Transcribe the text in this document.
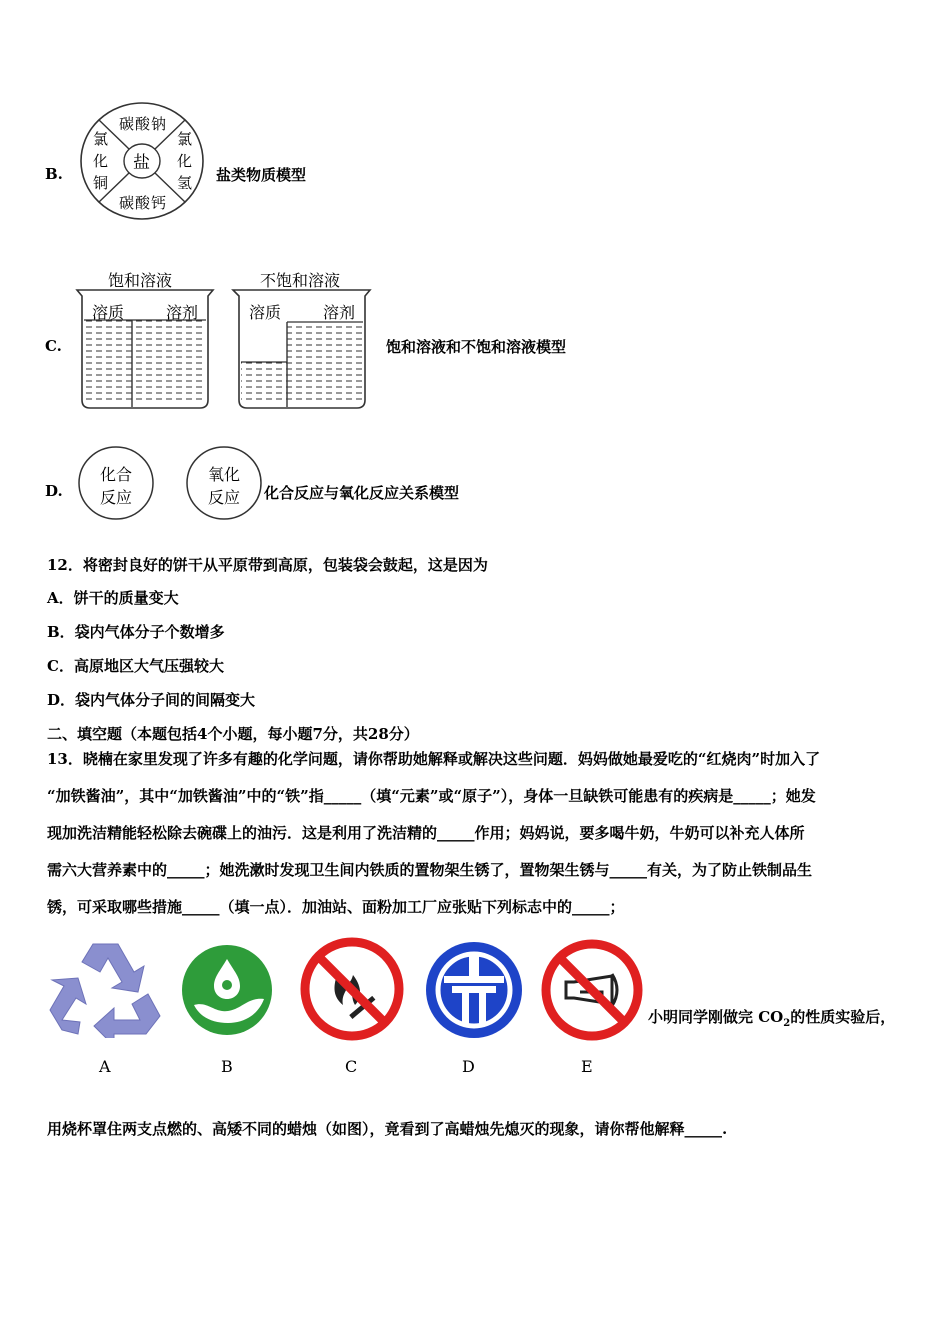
B.
盐
碳酸钠
碳酸钙
氯化铜
氯化氢 盐类物质模型
C.
饱和溶液	不饱和溶液
溶质	溶剂	溶质	溶剂
饱和溶液和不饱和溶液模型
D.
化合
反应
氧化
反应 化合反应与氧化反应关系模型
12．将密封良好的饼干从平原带到高原，包装袋会鼓起，这是因为
A．饼干的质量变大
B．袋内气体分子个数增多
C．高原地区大气压强较大
D．袋内气体分子间的间隔变大
二、填空题（本题包括4个小题，每小题7分，共28分）
13．晓楠在家里发现了许多有趣的化学问题，请你帮助她解释或解决这些问题．妈妈做她最爱吃的“红烧肉”时加入了
“加铁酱油”，其中“加铁酱油”中的“铁”指_____（填“元素”或“原子”），身体一旦缺铁可能患有的疾病是_____；她发
现加洗洁精能轻松除去碗碟上的油污．这是利用了洗洁精的_____作用；妈妈说，要多喝牛奶，牛奶可以补充人体所
需六大营养素中的_____；她洗漱时发现卫生间内铁质的置物架生锈了，置物架生锈与_____有关，为了防止铁制品生
锈，可采取哪些措施_____（填一点）．加油站、面粉加工厂应张贴下列标志中的_____；
A	B	C	D	E
小明同学刚做完 $CO_2$的性质实验后，
用烧杯罩住两支点燃的、高矮不同的蜡烛（如图），竟看到了高蜡烛先熄灭的现象，请你帮他解释_____.
